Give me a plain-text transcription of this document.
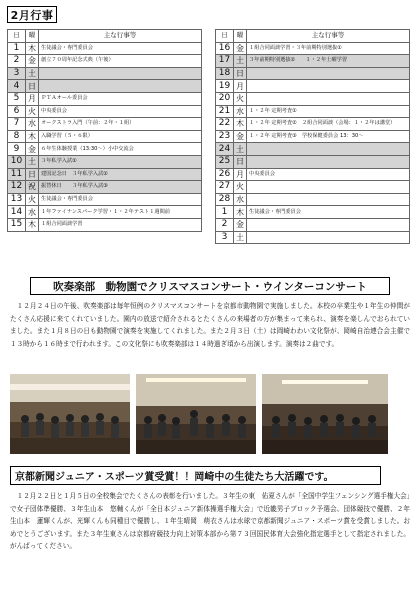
2月行事
日	曜	主な行事等
1	木	生徒議会・専門委員会
2	金	創立７０周年記念式典（午後）
3	土	
4	日	
5	月	ＰＴＡオール委員会
6	火	中央委員会
7	水	オークストラ入門（午前：２年・１組）
8	木	入職学習（５・６限）
9	金	６年生体験授業（13:30～）小中交流会
10	土	３年私学入試①
11	日	建国記念日　３年私学入試②
12	祝	振替休日　　３年私学入試③
13	火	生徒議会・専門委員会
14	水	１年ファイナンスパーク学習・１・２年テスト１週間前
15	木	１組合同面談学習
日	曜	主な行事等
16	金	１組合同面談学習・３年前期特別選抜①
17	土	３年前期特別選抜②　　１・２年土曜学習
18	日	
19	月	
20	火	
21	水	１・２年 定期考査①
22	木	１・２年 定期考査②　２組合同面談（会場：１・２年は講堂）
23	金	１・２年 定期考査③　学校保健委員会 13：30～
24	土	
25	日	
26	月	中央委員会
27	火	
28	水	
1	木	生徒議会・専門委員会
2	金	
3	土	
吹奏楽部　動物園でクリスマスコンサート・ウインターコンサート
　１２月２４日の午後、吹奏楽部は毎年恒例のクリスマスコンサートを京都市動物園で実施しました。本校の卒業生や１年生の仲間がたくさん応援に来てくれていました。園内の放送で紹介されるとたくさんの来場者の方が集まって来られ、演奏を楽しんでおられていました。また１月８日の日も動物園で演奏を実施してくれました。また２月３日（土）は岡崎わわい文化祭が、岡崎自治連合会主催で１３時から１６時まで行われます。この文化祭にも吹奏楽部は１４時過ぎ頃から出演します。演奏は２曲です。
京都新聞ジュニア・スポーツ賞受賞！！岡崎中の生徒たち大活躍です。
　１２月２２日と１月５日の全校集会でたくさんの表彰を行いました。３年生の東　佑夏さんが「全国中学生フェンシング選手権大会」で女子団体準優勝、３年生山本　悠輔くんが「全日本ジュニア新体操選手権大会」で近畿男子ブロック予選会、団体競技で優勝、２年生山本　蓮輝くんが、光輝くんも同種目で優勝し、１年生晴岡　萌衣さんは水球で京都新聞ジュニア・スポーツ賞を受賞しました。おめでとうございます。また３年生東さんは京都府競技力向上対策本部から第７３回国民体育大会強化指定選手として指定されました。がんばってください。
